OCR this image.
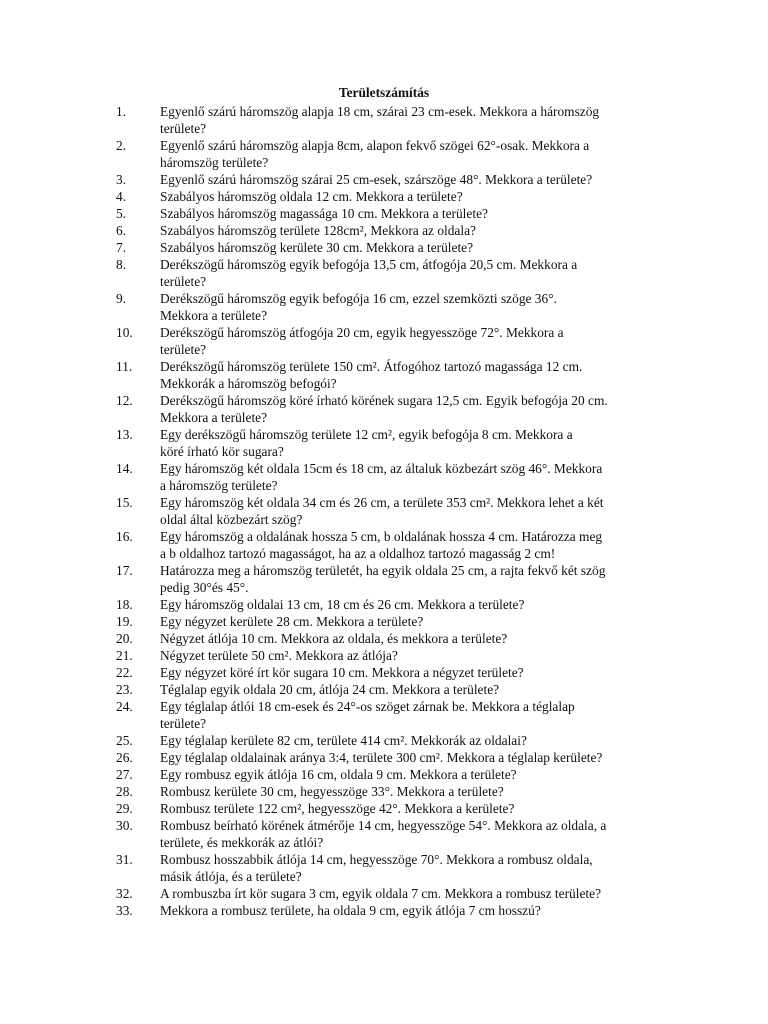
Területszámítás
1.	Egyenlő szárú háromszög alapja 18 cm, szárai 23 cm-esek. Mekkora a háromszög
területe?
2.	Egyenlő szárú háromszög alapja 8cm, alapon fekvő szögei 62°-osak. Mekkora a
háromszög területe?
3.	Egyenlő szárú háromszög szárai 25 cm-esek, szárszöge 48°. Mekkora a területe?
4.	Szabályos háromszög oldala 12 cm. Mekkora a területe?
5.	Szabályos háromszög magassága 10 cm. Mekkora a területe?
6.	Szabályos háromszög területe 128cm², Mekkora az oldala?
7.	Szabályos háromszög kerülete 30 cm. Mekkora a területe?
8.	Derékszögű háromszög egyik befogója 13,5 cm, átfogója 20,5 cm. Mekkora a
területe?
9.	Derékszögű háromszög egyik befogója 16 cm, ezzel szemközti szöge 36°.
Mekkora a területe?
10. Derékszögű háromszög átfogója 20 cm, egyik hegyesszöge 72°. Mekkora a
területe?
11. Derékszögű háromszög területe 150 cm². Átfogóhoz tartozó magassága 12 cm.
Mekkorák a háromszög befogói?
12. Derékszögű háromszög köré írható körének sugara 12,5 cm. Egyik befogója 20 cm.
Mekkora a területe?
13. Egy derékszögű háromszög területe 12 cm², egyik befogója 8 cm. Mekkora a
köré írható kör sugara?
14. Egy háromszög két oldala 15cm és 18 cm, az általuk közbezárt szög 46°. Mekkora
a háromszög területe?
15. Egy háromszög két oldala 34 cm és 26 cm, a területe 353 cm². Mekkora lehet a két
oldal által közbezárt szög?
16. Egy háromszög a oldalának hossza 5 cm, b oldalának hossza 4 cm. Határozza meg
a b oldalhoz tartozó magasságot, ha az a oldalhoz tartozó magasság 2 cm!
17. Határozza meg a háromszög területét, ha egyik oldala 25 cm, a rajta fekvő két szög
pedig 30°és 45°.
18. Egy háromszög oldalai 13 cm, 18 cm és 26 cm. Mekkora a területe?
19. Egy négyzet kerülete 28 cm. Mekkora a területe?
20. Négyzet átlója 10 cm. Mekkora az oldala, és mekkora a területe?
21. Négyzet területe 50 cm². Mekkora az átlója?
22. Egy négyzet köré írt kör sugara 10 cm. Mekkora a négyzet területe?
23. Téglalap egyik oldala 20 cm, átlója 24 cm. Mekkora a területe?
24. Egy téglalap átlói 18 cm-esek és 24°-os szöget zárnak be. Mekkora a téglalap
területe?
25. Egy téglalap kerülete 82 cm, területe 414 cm². Mekkorák az oldalai?
26. Egy téglalap oldalainak aránya 3:4, területe 300 cm². Mekkora a téglalap kerülete?
27. Egy rombusz egyik átlója 16 cm, oldala 9 cm. Mekkora a területe?
28. Rombusz kerülete 30 cm, hegyesszöge 33°. Mekkora a területe?
29. Rombusz területe 122 cm², hegyesszöge 42°. Mekkora a kerülete?
30. Rombusz beírható körének átmérője 14 cm, hegyesszöge 54°. Mekkora az oldala, a
területe, és mekkorák az átlói?
31. Rombusz hosszabbik átlója 14 cm, hegyesszöge 70°. Mekkora a rombusz oldala,
másik átlója, és a területe?
32. A rombuszba írt kör sugara 3 cm, egyik oldala 7 cm. Mekkora a rombusz területe?
33. Mekkora a rombusz területe, ha oldala 9 cm, egyik átlója 7 cm hosszú?
